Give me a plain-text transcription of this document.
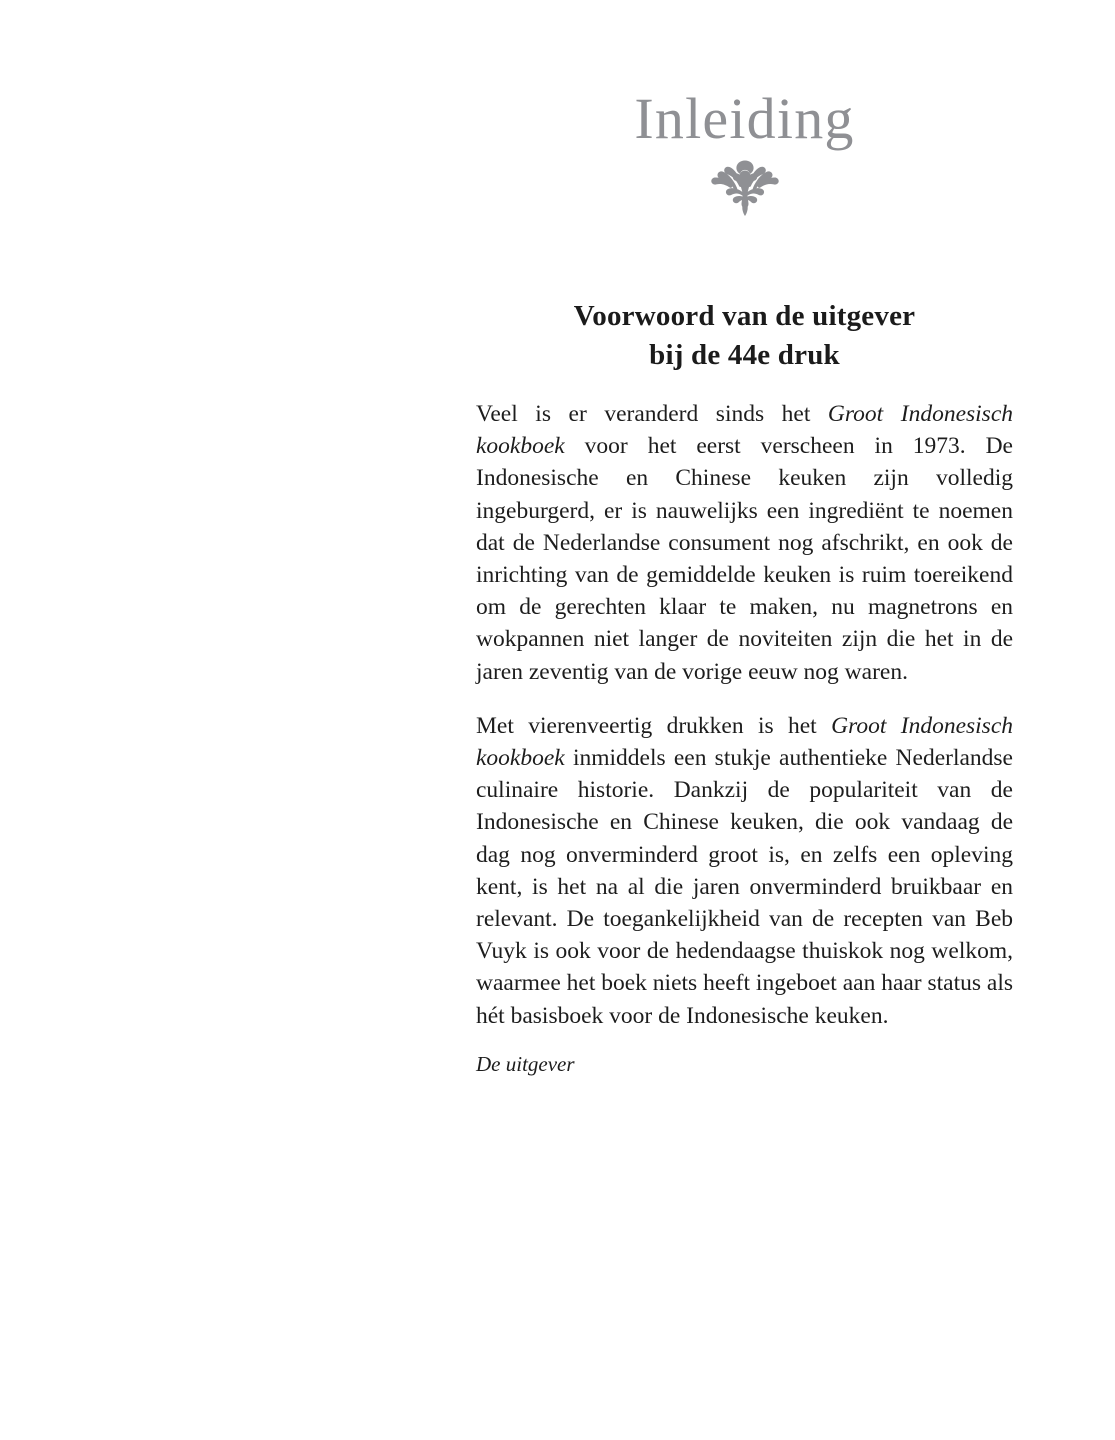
Inleiding
Voorwoord van de uitgever
bij de 44e druk

Veel is er veranderd sinds het Groot Indonesisch kookboek voor het eerst verscheen in 1973. De Indonesische en Chinese keuken zijn volledig ingeburgerd, er is nauwelijks een ingrediënt te noemen dat de Nederlandse consument nog afschrikt, en ook de inrichting van de gemiddelde keuken is ruim toereikend om de gerechten klaar te maken, nu magnetrons en wokpannen niet langer de noviteiten zijn die het in de jaren zeventig van de vorige eeuw nog waren.

Met vierenveertig drukken is het Groot Indonesisch kookboek inmiddels een stukje authentieke Nederlandse culinaire historie. Dankzij de populariteit van de Indonesische en Chinese keuken, die ook vandaag de dag nog onverminderd groot is, en zelfs een opleving kent, is het na al die jaren onverminderd bruikbaar en relevant. De toegankelijkheid van de recepten van Beb Vuyk is ook voor de hedendaagse thuiskok nog welkom, waarmee het boek niets heeft ingeboet aan haar status als hét basisboek voor de Indonesische keuken.

De uitgever
